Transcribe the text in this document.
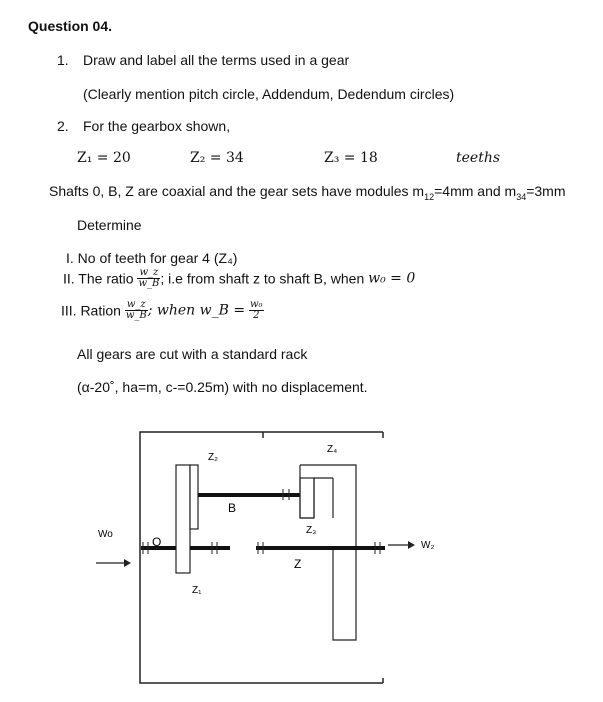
Question 04.
1. Draw and label all the terms used in a gear
(Clearly mention pitch circle, Addendum, Dedendum circles)
2. For the gearbox shown,
Z₁ = 20	Z₂ = 34	Z₃ = 18	teeths
Shafts 0, B, Z are coaxial and the gear sets have modules $m_{12}=4mm$ and $m_{34}=3mm$
Determine
I. No of teeth for gear 4 (Z₄)
II. The ratio $\frac{w\_z}{w\_B}$ ; i.e from shaft z to shaft B, when w₀ = 0
III. Ration $\frac{w\_z}{w\_B}$ ; when w_B = $\frac{\text{w₀}}{2}$
All gears are cut with a standard rack
(α-20˚, ha=m, c-=0.25m) with no displacement.
Z₂
Z₄
B
Z₃
Wo
O
Z
W₂
Z₁
